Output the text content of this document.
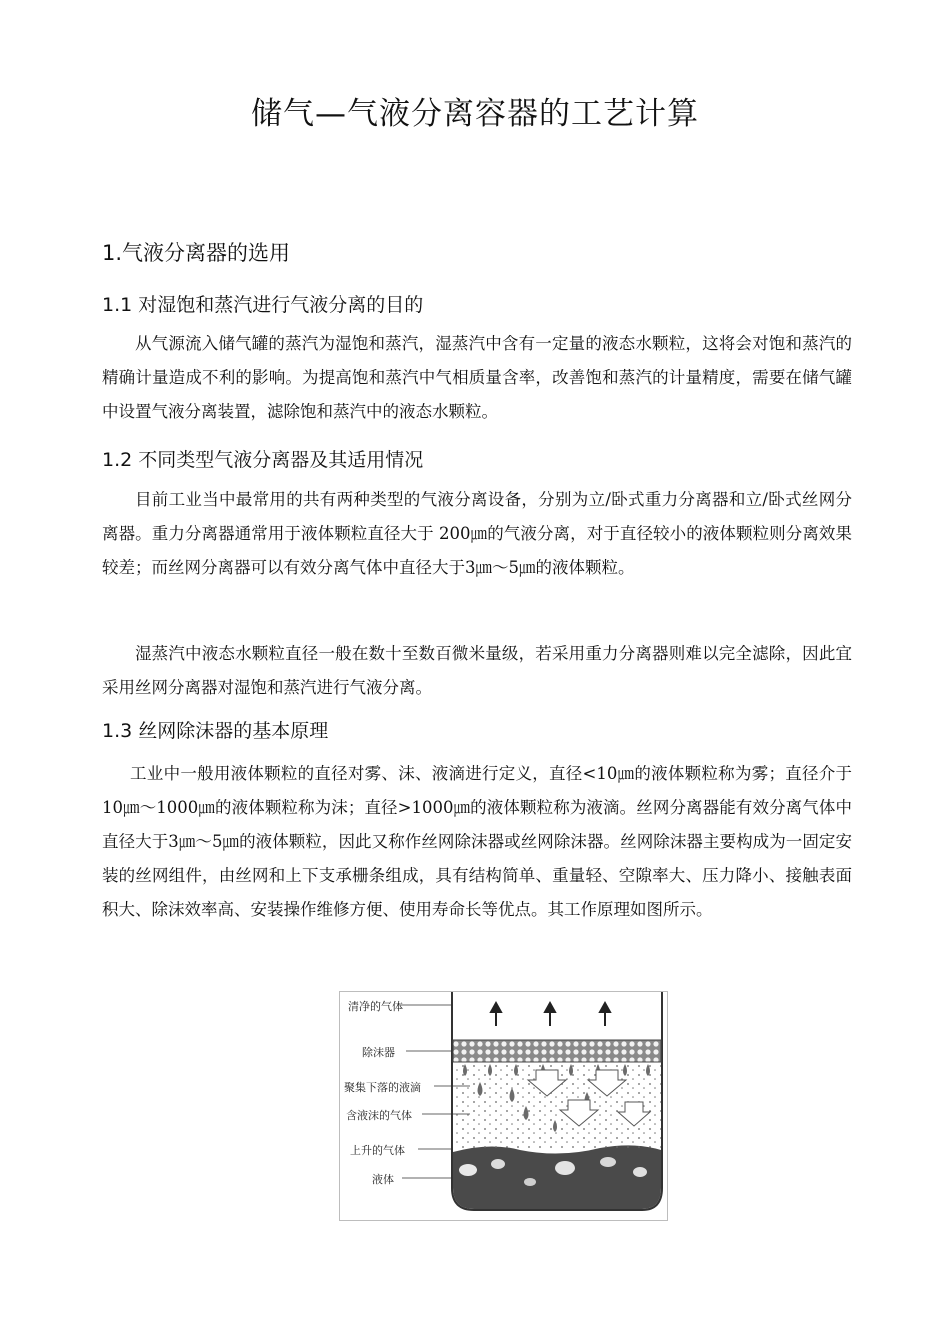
储气—气液分离容器的工艺计算
1.气液分离器的选用
1.1 对湿饱和蒸汽进行气液分离的目的
从气源流入储气罐的蒸汽为湿饱和蒸汽，湿蒸汽中含有一定量的液态水颗粒，这将会对饱和蒸汽的精确计量造成不利的影响。为提高饱和蒸汽中气相质量含率，改善饱和蒸汽的计量精度，需要在储气罐中设置气液分离装置，滤除饱和蒸汽中的液态水颗粒。
1.2 不同类型气液分离器及其适用情况
目前工业当中最常用的共有两种类型的气液分离设备，分别为立/卧式重力分离器和立/卧式丝网分离器。重力分离器通常用于液体颗粒直径大于 200㎛的气液分离，对于直径较小的液体颗粒则分离效果较差；而丝网分离器可以有效分离气体中直径大于3㎛～5㎛的液体颗粒。
湿蒸汽中液态水颗粒直径一般在数十至数百微米量级，若采用重力分离器则难以完全滤除，因此宜采用丝网分离器对湿饱和蒸汽进行气液分离。
1.3 丝网除沫器的基本原理
工业中一般用液体颗粒的直径对雾、沫、液滴进行定义，直径<10㎛的液体颗粒称为雾；直径介于10㎛～1000㎛的液体颗粒称为沫；直径>1000㎛的液体颗粒称为液滴。丝网分离器能有效分离气体中直径大于3㎛～5㎛的液体颗粒，因此又称作丝网除沫器或丝网除沫器。丝网除沫器主要构成为一固定安装的丝网组件，由丝网和上下支承栅条组成，具有结构简单、重量轻、空隙率大、压力降小、接触表面积大、除沫效率高、安装操作维修方便、使用寿命长等优点。其工作原理如图所示。
清净的气体
除沫器
聚集下落的液滴
含液沫的气体
上升的气体
液体
